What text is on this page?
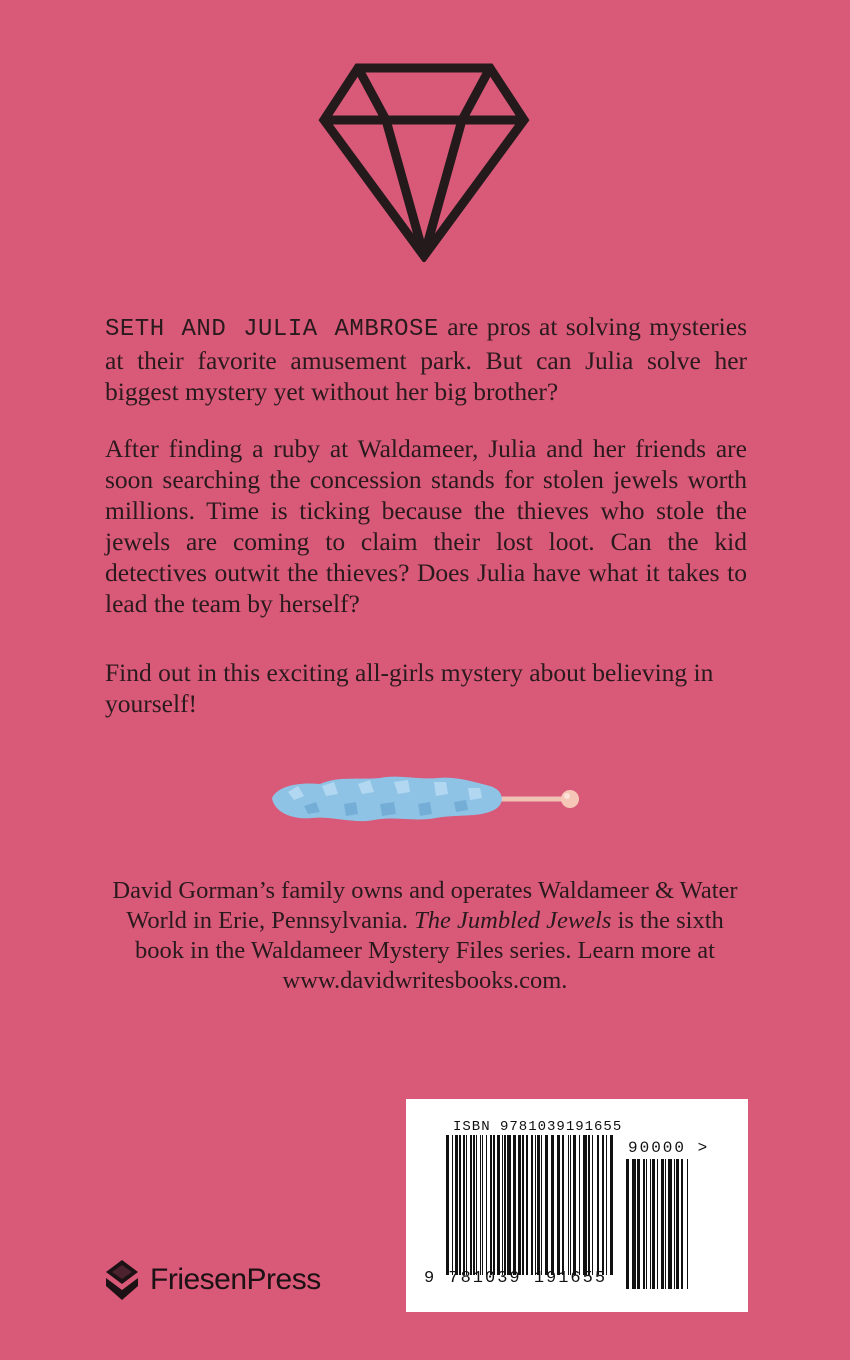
SETH AND JULIA AMBROSE are pros at solving mysteries at their favorite amusement park. But can Julia solve her biggest mystery yet without her big brother?

After finding a ruby at Waldameer, Julia and her friends are soon searching the concession stands for stolen jewels worth millions. Time is ticking because the thieves who stole the jewels are coming to claim their lost loot. Can the kid detectives outwit the thieves? Does Julia have what it takes to lead the team by herself?

Find out in this exciting all-girls mystery about believing in yourself!

David Gorman’s family owns and operates Waldameer & Water World in Erie, Pennsylvania. The Jumbled Jewels is the sixth book in the Waldameer Mystery Files series. Learn more at www.davidwritesbooks.com.

ISBN 9781039191655
9 781039 191655
90000 >
FriesenPress
